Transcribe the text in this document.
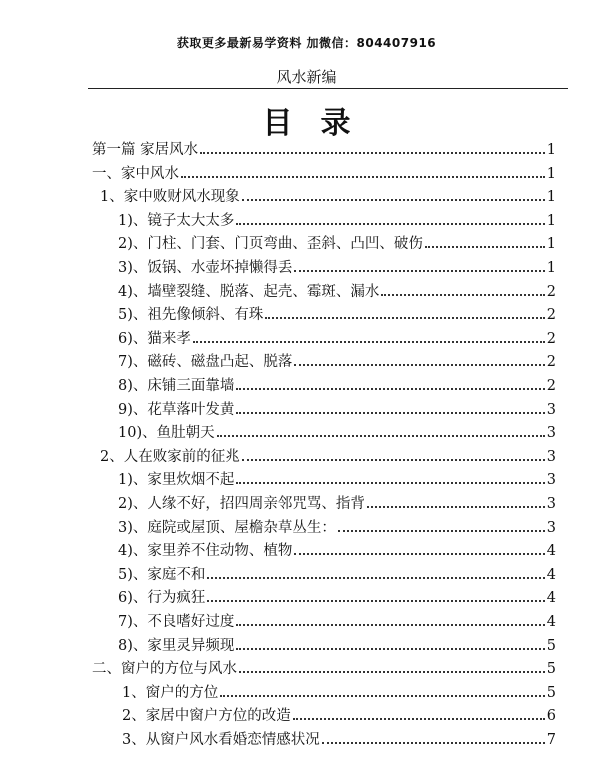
获取更多最新易学资料 加微信：804407916
风水新编
目录
第一篇 家居风水	1
一、家中风水	1
1、家中败财风水现象	1
1)、镜子太大太多	1
2)、门柱、门套、门页弯曲、歪斜、凸凹、破伤	1
3)、饭锅、水壶坏掉懒得丢	1
4)、墙壁裂缝、脱落、起壳、霉斑、漏水	2
5)、祖先像倾斜、有珠	2
6)、猫来孝	2
7)、磁砖、磁盘凸起、脱落	2
8)、床铺三面靠墙	2
9)、花草落叶发黄	3
10)、鱼肚朝天	3
2、人在败家前的征兆	3
1)、家里炊烟不起	3
2)、人缘不好，招四周亲邻咒骂、指背	3
3)、庭院或屋顶、屋檐杂草丛生：	3
4)、家里养不住动物、植物	4
5)、家庭不和	4
6)、行为疯狂	4
7)、不良嗜好过度	4
8)、家里灵异频现	5
二、窗户的方位与风水	5
1、窗户的方位	5
2、家居中窗户方位的改造	6
3、从窗户风水看婚恋情感状况	7
